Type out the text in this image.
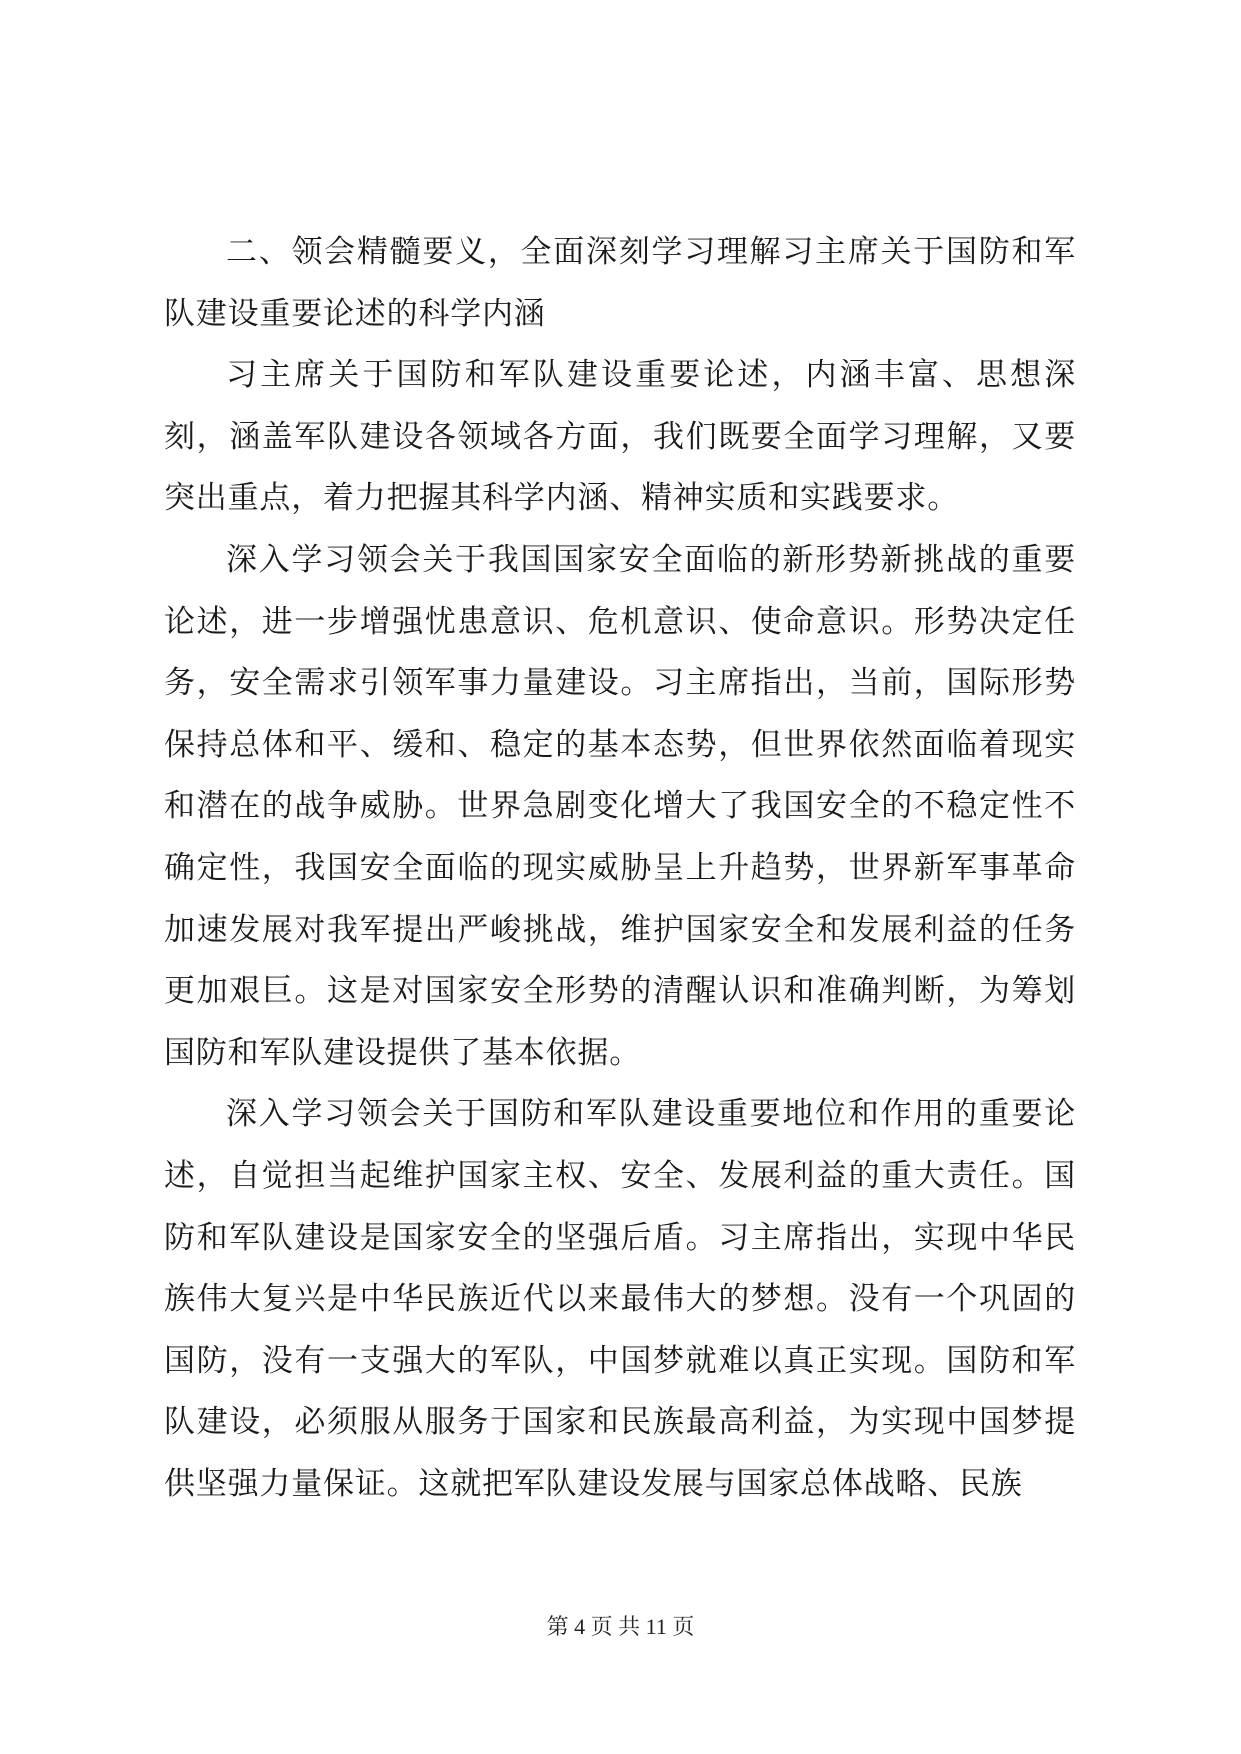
二、领会精髓要义，全面深刻学习理解习主席关于国防和军队建设重要论述的科学内涵

习主席关于国防和军队建设重要论述，内涵丰富、思想深刻，涵盖军队建设各领域各方面，我们既要全面学习理解，又要突出重点，着力把握其科学内涵、精神实质和实践要求。

深入学习领会关于我国国家安全面临的新形势新挑战的重要论述，进一步增强忧患意识、危机意识、使命意识。形势决定任务，安全需求引领军事力量建设。习主席指出，当前，国际形势保持总体和平、缓和、稳定的基本态势，但世界依然面临着现实和潜在的战争威胁。世界急剧变化增大了我国安全的不稳定性不确定性，我国安全面临的现实威胁呈上升趋势，世界新军事革命加速发展对我军提出严峻挑战，维护国家安全和发展利益的任务更加艰巨。这是对国家安全形势的清醒认识和准确判断，为筹划国防和军队建设提供了基本依据。

深入学习领会关于国防和军队建设重要地位和作用的重要论述，自觉担当起维护国家主权、安全、发展利益的重大责任。国防和军队建设是国家安全的坚强后盾。习主席指出，实现中华民族伟大复兴是中华民族近代以来最伟大的梦想。没有一个巩固的国防，没有一支强大的军队，中国梦就难以真正实现。国防和军队建设，必须服从服务于国家和民族最高利益，为实现中国梦提供坚强力量保证。这就把军队建设发展与国家总体战略、民族

第 4 页 共 11 页
